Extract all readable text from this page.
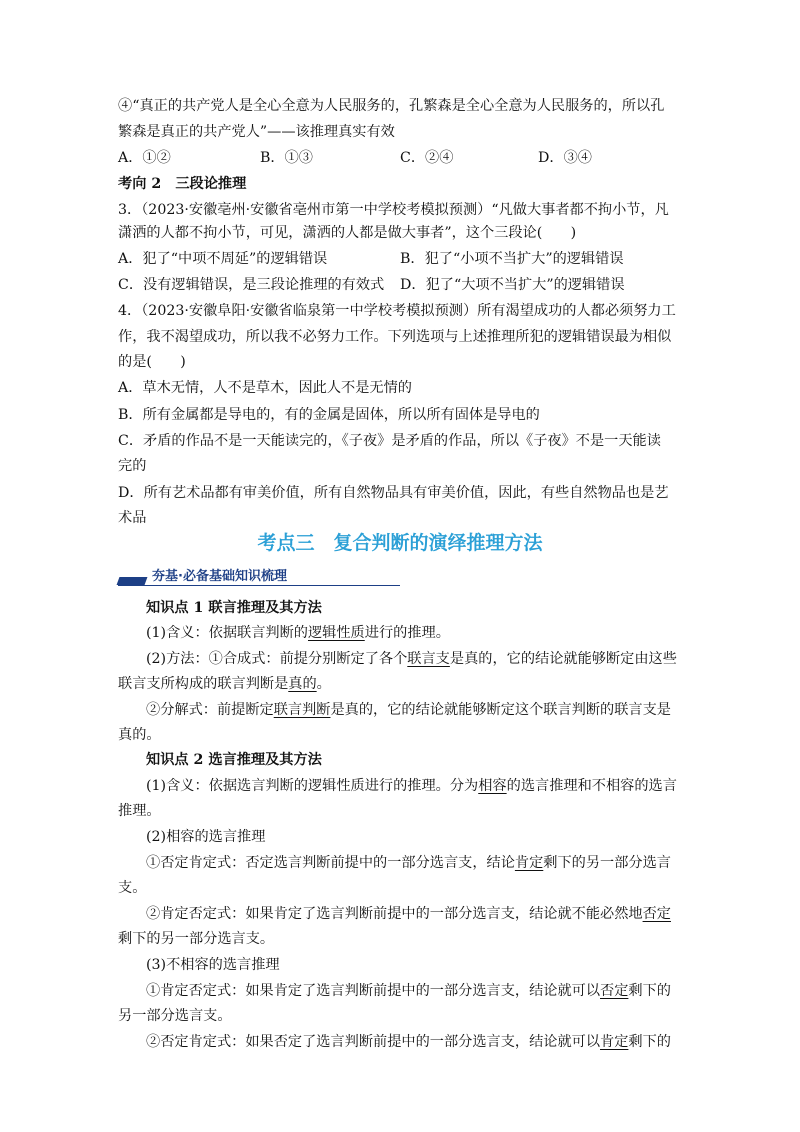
④“真正的共产党人是全心全意为人民服务的，孔繁森是全心全意为人民服务的，所以孔
繁森是真正的共产党人”——该推理真实有效
A．①②	B．①③	C．②④	D．③④
考向 2　三段论推理
3．（2023·安徽亳州·安徽省亳州市第一中学校考模拟预测）“凡做大事者都不拘小节，凡
潇洒的人都不拘小节，可见，潇洒的人都是做大事者”，这个三段论(　　)
A．犯了“中项不周延”的逻辑错误	B．犯了“小项不当扩大”的逻辑错误
C．没有逻辑错误，是三段论推理的有效式 D．犯了“大项不当扩大”的逻辑错误
4．（2023·安徽阜阳·安徽省临泉第一中学校考模拟预测）所有渴望成功的人都必须努力工
作，我不渴望成功，所以我不必努力工作。下列选项与上述推理所犯的逻辑错误最为相似
的是(　　)
A．草木无情，人不是草木，因此人不是无情的
B．所有金属都是导电的，有的金属是固体，所以所有固体是导电的
C．矛盾的作品不是一天能读完的，《子夜》是矛盾的作品，所以《子夜》不是一天能读
完的
D．所有艺术品都有审美价值，所有自然物品具有审美价值，因此，有些自然物品也是艺
术品
考点三　复合判断的演绎推理方法
夯基·必备基础知识梳理
知识点 1 联言推理及其方法
(1)含义：依据联言判断的逻辑性质进行的推理。
(2)方法：①合成式：前提分别断定了各个联言支是真的，它的结论就能够断定由这些
联言支所构成的联言判断是真的。
②分解式：前提断定联言判断是真的，它的结论就能够断定这个联言判断的联言支是
真的。
知识点 2 选言推理及其方法
(1)含义：依据选言判断的逻辑性质进行的推理。分为相容的选言推理和不相容的选言
推理。
(2)相容的选言推理
①否定肯定式：否定选言判断前提中的一部分选言支，结论肯定剩下的另一部分选言
支。
②肯定否定式：如果肯定了选言判断前提中的一部分选言支，结论就不能必然地否定
剩下的另一部分选言支。
(3)不相容的选言推理
①肯定否定式：如果肯定了选言判断前提中的一部分选言支，结论就可以否定剩下的
另一部分选言支。
②否定肯定式：如果否定了选言判断前提中的一部分选言支，结论就可以肯定剩下的
